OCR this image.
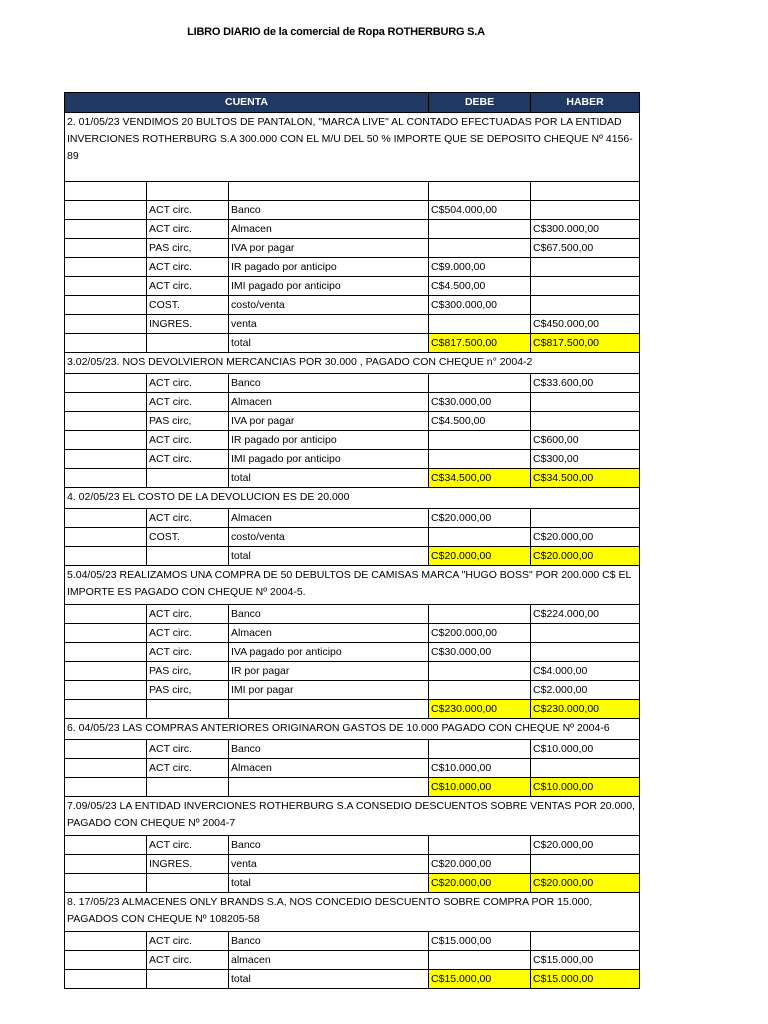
LIBRO DIARIO de la comercial de Ropa ROTHERBURG S.A
CUENTA			DEBE	HABER
2. 01/05/23 VENDIMOS 20 BULTOS DE PANTALON, "MARCA LIVE" AL CONTADO EFECTUADAS POR LA ENTIDAD INVERCIONES ROTHERBURG S.A 300.000 CON EL M/U DEL 50 % IMPORTE QUE SE DEPOSITO CHEQUE Nº 4156-89				

	ACT circ.	Banco	C$504.000,00	
	ACT circ.	Almacen		C$300.000,00
	PAS circ,	IVA por pagar		C$67.500,00
	ACT circ.	IR pagado por anticipo	C$9.000,00	
	ACT circ.	IMI pagado por anticipo	C$4.500,00	
	COST.	costo/venta	C$300.000,00	
	INGRES.	venta		C$450.000,00
		total	C$817.500,00	C$817.500,00
3.02/05/23. NOS DEVOLVIERON MERCANCIAS POR 30.000 , PAGADO CON CHEQUE n° 2004-2				
	ACT circ.	Banco		C$33.600,00
	ACT circ.	Almacen	C$30.000,00	
	PAS circ,	IVA por pagar	C$4.500,00	
	ACT circ.	IR pagado por anticipo		C$600,00
	ACT circ.	IMI pagado por anticipo		C$300,00
		total	C$34.500,00	C$34.500,00
4. 02/05/23 EL COSTO DE LA DEVOLUCION ES DE 20.000				
	ACT circ.	Almacen	C$20.000,00	
	COST.	costo/venta		C$20.000,00
		total	C$20.000,00	C$20.000,00
5.04/05/23 REALIZAMOS UNA COMPRA DE 50 DEBULTOS DE CAMISAS MARCA "HUGO BOSS" POR 200.000 C$ EL IMPORTE ES PAGADO CON CHEQUE Nº 2004-5.				
	ACT circ.	Banco		C$224.000,00
	ACT circ.	Almacen	C$200.000,00	
	ACT circ.	IVA pagado por anticipo	C$30.000,00	
	PAS circ,	IR por pagar		C$4.000,00
	PAS circ,	IMI por pagar		C$2.000,00
			C$230.000,00	C$230.000,00
6. 04/05/23 LAS COMPRAS ANTERIORES ORIGINARON GASTOS DE 10.000 PAGADO CON CHEQUE Nº 2004-6				
	ACT circ.	Banco		C$10.000,00
	ACT circ.	Almacen	C$10.000,00	
			C$10.000,00	C$10.000,00
7.09/05/23 LA ENTIDAD INVERCIONES ROTHERBURG S.A CONSEDIO DESCUENTOS SOBRE VENTAS POR 20.000, PAGADO CON CHEQUE Nº 2004-7				
	ACT circ.	Banco		C$20.000,00
	INGRES.	venta	C$20.000,00	
		total	C$20.000,00	C$20.000,00
8. 17/05/23 ALMACENES ONLY BRANDS S.A, NOS CONCEDIO DESCUENTO SOBRE COMPRA POR 15.000, PAGADOS CON CHEQUE Nº 108205-58				
	ACT circ.	Banco	C$15.000,00	
	ACT circ.	almacen		C$15.000,00
		total	C$15.000,00	C$15.000,00
